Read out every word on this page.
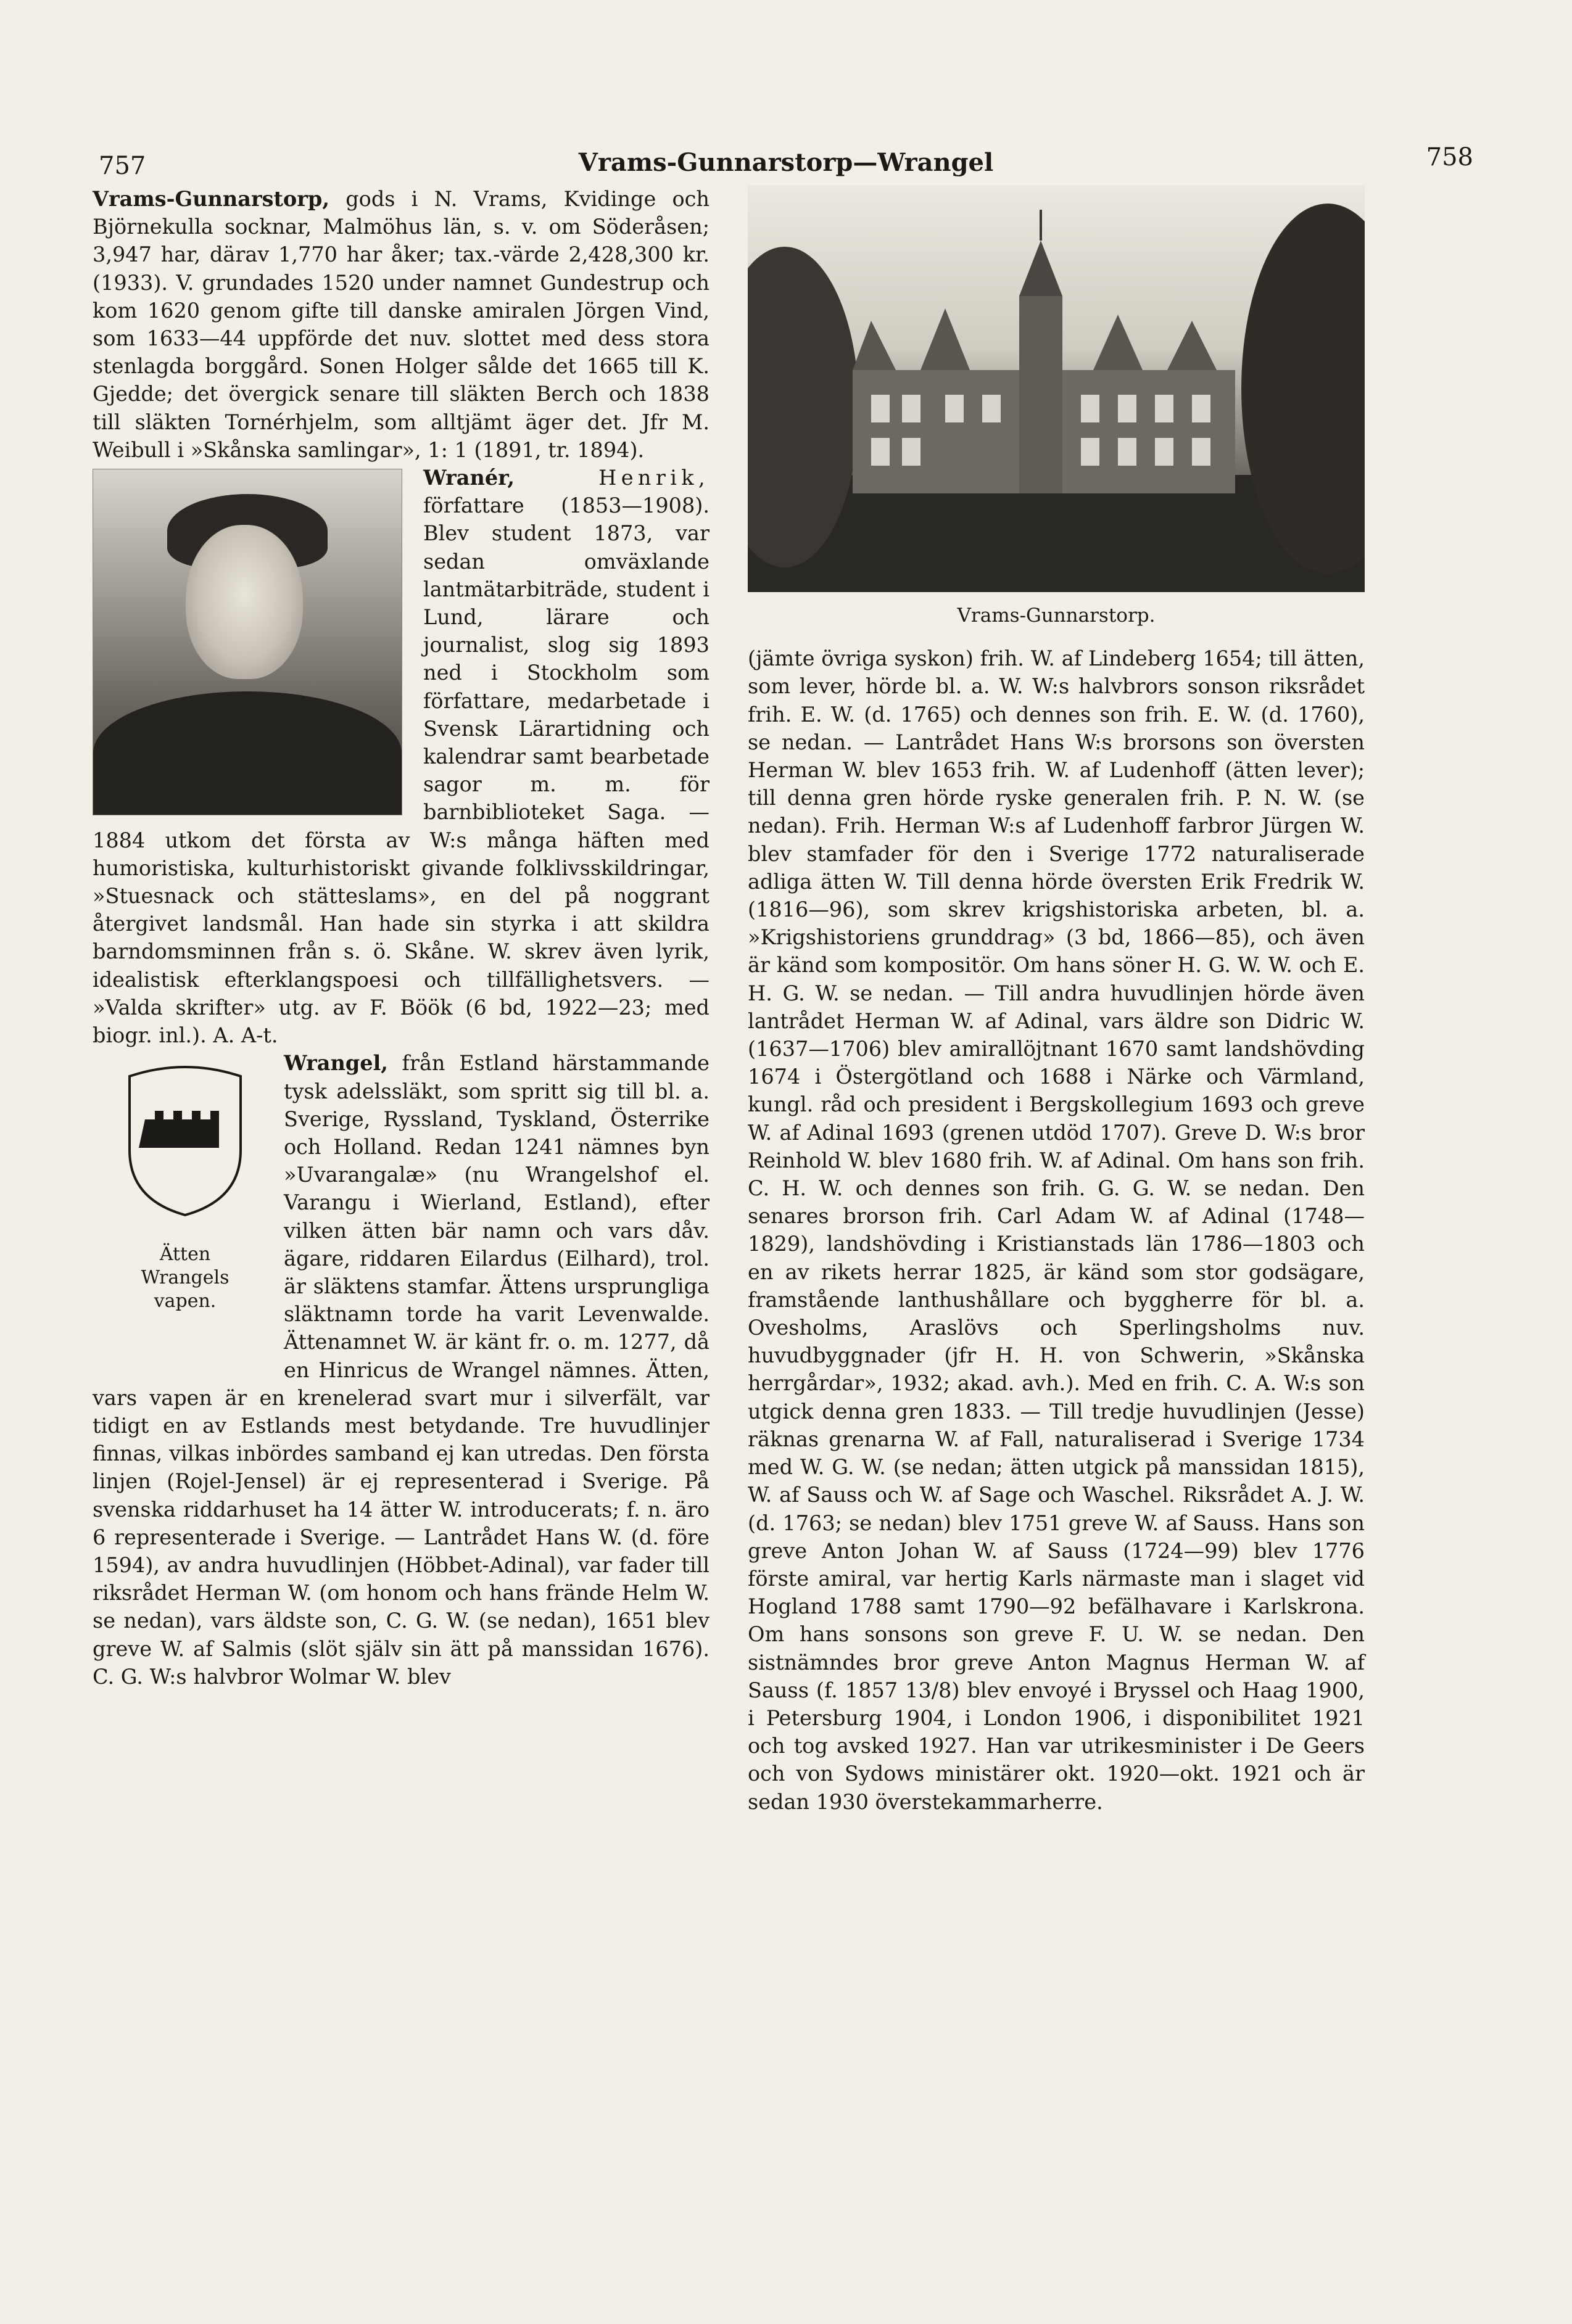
757	Vrams-Gunnarstorp—Wrangel	758

Vrams-Gunnarstorp, gods i N. Vrams, Kvidinge och Björnekulla socknar, Malmöhus län, s. v. om Söderåsen; 3,947 har, därav 1,770 har åker; tax.-värde 2,428,300 kr. (1933). V. grundades 1520 under namnet Gundestrup och kom 1620 genom gifte till danske amiralen Jörgen Vind, som 1633—44 uppförde det nuv. slottet med dess stora stenlagda borggård. Sonen Holger sålde det 1665 till K. Gjedde; det övergick senare till släkten Berch och 1838 till släkten Tornérhjelm, som alltjämt äger det. Jfr M. Weibull i »Skånska samlingar», 1: 1 (1891, tr. 1894).

Wranér,	Henrik,
författare (1853—1908). Blev student 1873, var sedan omväxlande lantmätarbiträde, student i Lund, lärare och journalist, slog sig 1893 ned i Stockholm som författare, medarbetade i Svensk Lärartidning och kalendrar samt bearbetade sagor m. m. för barnbiblioteket Saga. — 1884 utkom det första av W:s många häften med humoristiska, kulturhistoriskt givande folklivsskildringar, »Stuesnack och stätteslams», en del på noggrant återgivet landsmål. Han hade sin styrka i att skildra barndomsminnen från s. ö. Skåne. W. skrev även lyrik, idealistisk efterklangspoesi och tillfällighetsvers. — »Valda skrifter» utg. av F. Böök (6 bd, 1922—23; med biogr. inl.). A. A-t.

Wrangel,
Ätten
Wrangels
vapen.
från Estland härstammande tysk adelssläkt, som spritt sig till bl. a. Sverige, Ryssland, Tyskland, Österrike och Holland. Redan 1241 nämnes byn »Uvarangalæ» (nu Wrangelshof el. Varangu i Wierland, Estland), efter vilken ätten bär namn och vars dåv. ägare, riddaren Eilardus (Eilhard), trol. är släktens stamfar. Ättens ursprungliga släktnamn torde ha varit Levenwalde. Ättenamnet W. är känt fr. o. m. 1277, då en Hinricus de Wrangel nämnes. Ätten, vars vapen är en krenelerad svart mur i silverfält, var tidigt en av Estlands mest betydande. Tre huvudlinjer finnas, vilkas inbördes samband ej kan utredas. Den första linjen (Rojel-Jensel) är ej representerad i Sverige. På svenska riddarhuset ha 14 ätter W. introducerats; f. n. äro 6 representerade i Sverige. — Lantrådet Hans W. (d. före 1594), av andra huvudlinjen (Höbbet-Adinal), var fader till riksrådet Herman W. (om honom och hans frände Helm W. se nedan), vars äldste son, C. G. W. (se nedan), 1651 blev greve W. af Salmis (slöt själv sin ätt på manssidan 1676). C. G. W:s halvbror Wolmar W. blev

Vrams-Gunnarstorp.

(jämte övriga syskon) frih. W. af Lindeberg 1654; till ätten, som lever, hörde bl. a. W. W:s halvbrors sonson riksrådet frih. E. W. (d. 1765) och dennes son frih. E. W. (d. 1760), se nedan. — Lantrådet Hans W:s brorsons son översten Herman W. blev 1653 frih. W. af Ludenhoff (ätten lever); till denna gren hörde ryske generalen frih. P. N. W. (se nedan). Frih. Herman W:s af Ludenhoff farbror Jürgen W. blev stamfader för den i Sverige 1772 naturaliserade adliga ätten W. Till denna hörde översten Erik Fredrik W. (1816—96), som skrev krigshistoriska arbeten, bl. a. »Krigshistoriens grunddrag» (3 bd, 1866—85), och även är känd som kompositör. Om hans söner H. G. W. W. och E. H. G. W. se nedan. — Till andra huvudlinjen hörde även lantrådet Herman W. af Adinal, vars äldre son Didric W. (1637—1706) blev amirallöjtnant 1670 samt landshövding 1674 i Östergötland och 1688 i Närke och Värmland, kungl. råd och president i Bergskollegium 1693 och greve W. af Adinal 1693 (grenen utdöd 1707). Greve D. W:s bror Reinhold W. blev 1680 frih. W. af Adinal. Om hans son frih. C. H. W. och dennes son frih. G. G. W. se nedan. Den senares brorson frih. Carl Adam W. af Adinal (1748—1829), landshövding i Kristianstads län 1786—1803 och en av rikets herrar 1825, är känd som stor godsägare, framstående lanthushållare och byggherre för bl. a. Ovesholms, Araslövs och Sperlingsholms nuv. huvudbyggnader (jfr H. H. von Schwerin, »Skånska herrgårdar», 1932; akad. avh.). Med en frih. C. A. W:s son utgick denna gren 1833. — Till tredje huvudlinjen (Jesse) räknas grenarna W. af Fall, naturaliserad i Sverige 1734 med W. G. W. (se nedan; ätten utgick på manssidan 1815), W. af Sauss och W. af Sage och Waschel. Riksrådet A. J. W. (d. 1763; se nedan) blev 1751 greve W. af Sauss. Hans son greve Anton Johan W. af Sauss (1724—99) blev 1776 förste amiral, var hertig Karls närmaste man i slaget vid Hogland 1788 samt 1790—92 befälhavare i Karlskrona. Om hans sonsons son greve F. U. W. se nedan. Den sistnämndes bror greve Anton Magnus Herman W. af Sauss (f. 1857 13/8) blev envoyé i Bryssel och Haag 1900, i Petersburg 1904, i London 1906, i disponibilitet 1921 och tog avsked 1927. Han var utrikesminister i De Geers och von Sydows ministärer okt. 1920—okt. 1921 och är sedan 1930 överstekammarherre.
